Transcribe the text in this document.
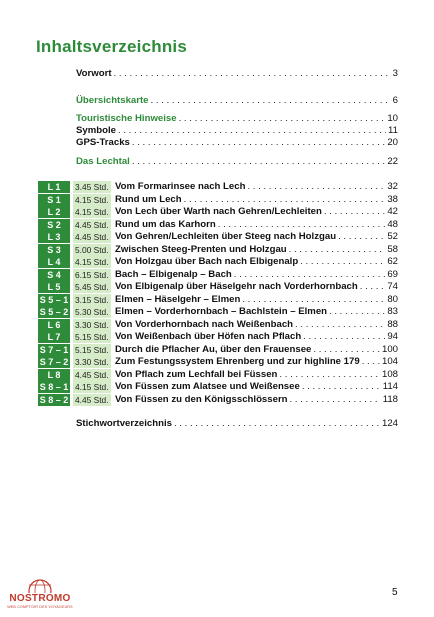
Inhaltsverzeichnis
Vorwort . . .	3
Übersichtskarte . . .	6
Touristische Hinweise . . .	10
Symbole . . .	11
GPS-Tracks . . .	20
Das Lechtal . . .	22
Stichwortverzeichnis . . .	124
L 1	3.45 Std. Vom Formarinsee nach Lech . . .	32
S 1	4.15 Std. Rund um Lech . . .	38
L 2	4.15 Std. Von Lech über Warth nach Gehren/Lechleiten . . .	42
S 2	4.45 Std. Rund um das Karhorn . . .	48
L 3	4.45 Std. Von Gehren/Lechleiten über Steeg nach Holzgau . . .	52
S 3	5.00 Std. Zwischen Steeg-Prenten und Holzgau . . .	58
L 4	4.15 Std. Von Holzgau über Bach nach Elbigenalp . . .	62
S 4	6.15 Std. Bach – Elbigenalp – Bach . . .	69
L 5	5.45 Std. Von Elbigenalp über Häselgehr nach Vorderhornbach . . .	74
S 5 – 1 3.15 Std. Elmen – Häselgehr – Elmen . . .	80
S 5 – 2 5.30 Std. Elmen – Vorderhornbach – Bachlstein – Elmen . . .	83
L 6	3.30 Std. Von Vorderhornbach nach Weißenbach . . .	88
L 7	5.15 Std. Von Weißenbach über Höfen nach Pflach . . .	94
S 7 – 1 5.15 Std. Durch die Pflacher Au, über den Frauensee . . .	100
S 7 – 2 3.30 Std. Zum Festungssystem Ehrenberg und zur highline 179 . . . 104
L 8	4.45 Std. Von Pflach zum Lechfall bei Füssen . . .	108
S 8 – 1 4.15 Std. Von Füssen zum Alatsee und Weißensee . . .	114
S 8 – 2 4.45 Std. Von Füssen zu den Königsschlössern . . .	118
5
NOSTROMO
WEB COMPTOIR DES VOYAGEURS
